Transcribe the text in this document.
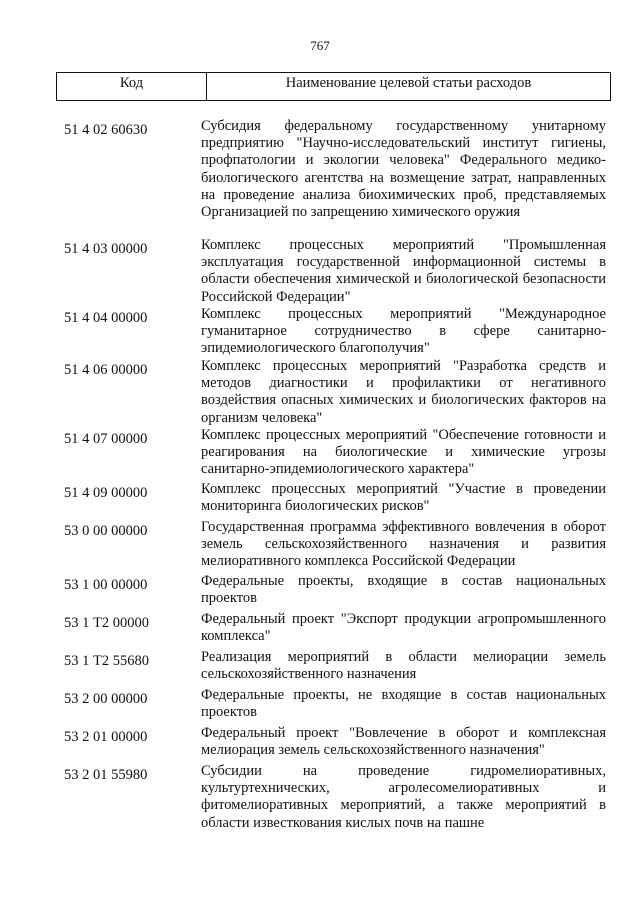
767
Код	Наименование целевой статьи расходов
51 4 02 60630	Субсидия федеральному государственному унитарному предприятию "Научно-исследовательский институт гигиены, профпатологии и экологии человека" Федерального медико-биологического агентства на возмещение затрат, направленных на проведение анализа биохимических проб, представляемых Организацией по запрещению химического оружия
51 4 03 00000	Комплекс процессных мероприятий "Промышленная эксплуатация государственной информационной системы в области обеспечения химической и биологической безопасности Российской Федерации"
51 4 04 00000	Комплекс процессных мероприятий "Международное гуманитарное сотрудничество в сфере санитарно-эпидемиологического благополучия"
51 4 06 00000	Комплекс процессных мероприятий "Разработка средств и методов диагностики и профилактики от негативного воздействия опасных химических и биологических факторов на организм человека"
51 4 07 00000	Комплекс процессных мероприятий "Обеспечение готовности и реагирования на биологические и химические угрозы санитарно-эпидемиологического характера"
51 4 09 00000	Комплекс процессных мероприятий "Участие в проведении мониторинга биологических рисков"
53 0 00 00000	Государственная программа эффективного вовлечения в оборот земель сельскохозяйственного назначения и развития мелиоративного комплекса Российской Федерации
53 1 00 00000	Федеральные проекты, входящие в состав национальных проектов
53 1 Т2 00000	Федеральный проект "Экспорт продукции агропромышленного комплекса"
53 1 Т2 55680	Реализация мероприятий в области мелиорации земель сельскохозяйственного назначения
53 2 00 00000	Федеральные проекты, не входящие в состав национальных проектов
53 2 01 00000	Федеральный проект "Вовлечение в оборот и комплексная мелиорация земель сельскохозяйственного назначения"
53 2 01 55980	Субсидии на проведение гидромелиоративных, культуртехнических, агролесомелиоративных и фитомелиоративных мероприятий, а также мероприятий в области известкования кислых почв на пашне
